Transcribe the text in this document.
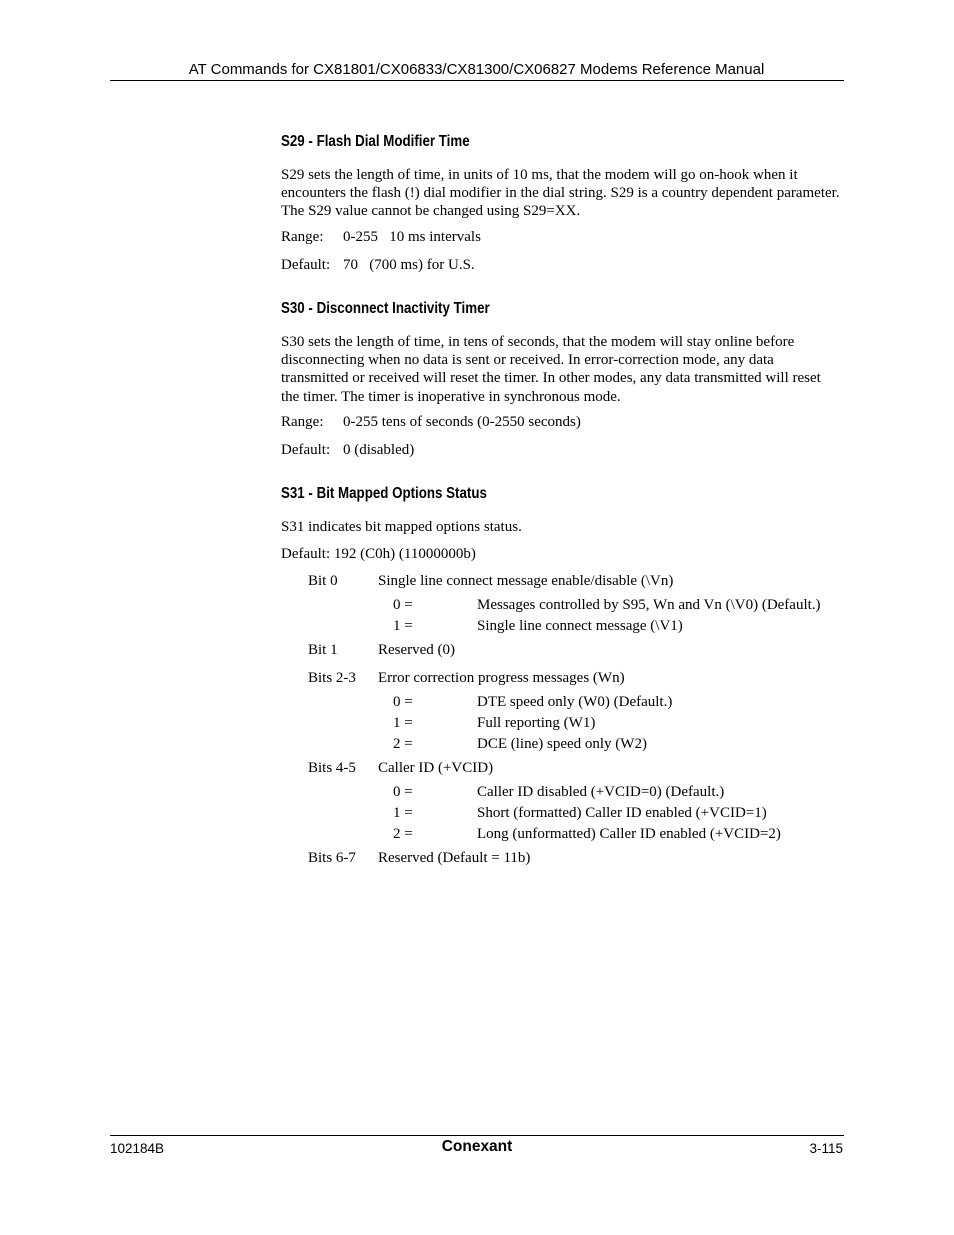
AT Commands for CX81801/CX06833/CX81300/CX06827 Modems Reference Manual
S29 - Flash Dial Modifier Time
S29 sets the length of time, in units of 10 ms, that the modem will go on-hook when it encounters the flash (!) dial modifier in the dial string. S29 is a country dependent parameter. The S29 value cannot be changed using S29=XX.
Range: 0-255   10 ms intervals
Default: 70   (700 ms) for U.S.
S30 - Disconnect Inactivity Timer
S30 sets the length of time, in tens of seconds, that the modem will stay online before disconnecting when no data is sent or received. In error-correction mode, any data transmitted or received will reset the timer. In other modes, any data transmitted will reset the timer. The timer is inoperative in synchronous mode.
Range: 0-255 tens of seconds (0-2550 seconds)
Default: 0 (disabled)
S31 - Bit Mapped Options Status
S31 indicates bit mapped options status.
Default: 192 (C0h) (11000000b)
Bit 0	Single line connect message enable/disable (\Vn)
0 =	Messages controlled by S95, Wn and Vn (\V0) (Default.)
1 =	Single line connect message (\V1)
Bit 1	Reserved (0)
Bits 2-3 Error correction progress messages (Wn)
0 =	DTE speed only (W0) (Default.)
1 =	Full reporting (W1)
2 =	DCE (line) speed only (W2)
Bits 4-5 Caller ID (+VCID)
0 =	Caller ID disabled (+VCID=0) (Default.)
1 =	Short (formatted) Caller ID enabled (+VCID=1)
2 =	Long (unformatted) Caller ID enabled (+VCID=2)
Bits 6-7 Reserved (Default = 11b)
102184B	Conexant	3-115
